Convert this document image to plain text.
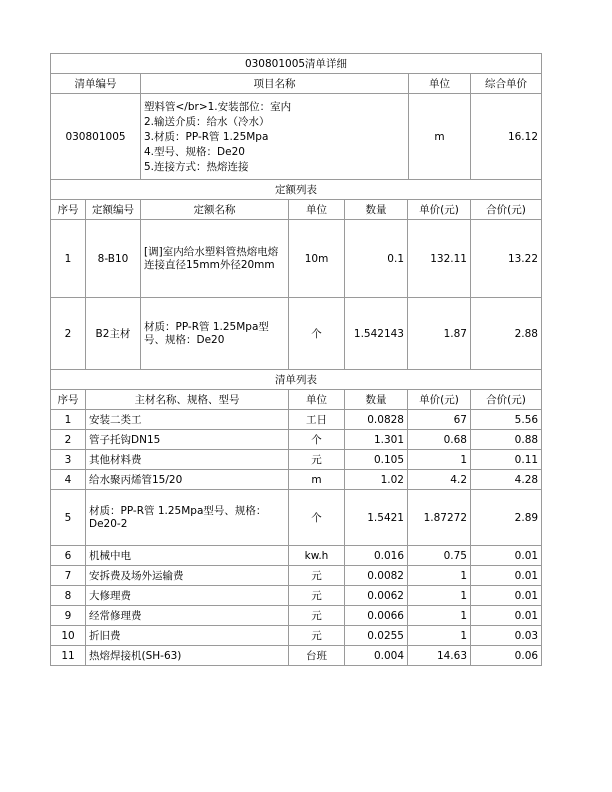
030801005清单详细			
清单编号	项目名称	单位	综合单价
030801005	塑料管</br>1.安装部位：室内
2.输送介质：给水（冷水）
3.材质：PP-R管 1.25Mpa
4.型号、规格：De20
5.连接方式：热熔连接	m	16.12
定额列表						
序号	定额编号	定额名称	单位	数量	单价(元)	合价(元)
1	8-B10	[调]室内给水塑料管热熔电熔连接直径15mm外径20mm	10m	0.1	132.11	13.22
2	B2主材	材质：PP-R管 1.25Mpa型号、规格：De20	个	1.542143	1.87	2.88
清单列表					
序号	主材名称、规格、型号	单位	数量	单价(元)	合价(元)
1	安装二类工	工日	0.0828	67	5.56
2	管子托钩DN15	个	1.301	0.68	0.88
3	其他材料费	元	0.105	1	0.11
4	给水聚丙烯管15/20	m	1.02	4.2	4.28
5	材质：PP-R管 1.25Mpa型号、规格：De20-2	个	1.5421	1.87272	2.89
6	机械中电	kw.h	0.016	0.75	0.01
7	安拆费及场外运输费	元	0.0082	1	0.01
8	大修理费	元	0.0062	1	0.01
9	经常修理费	元	0.0066	1	0.01
10	折旧费	元	0.0255	1	0.03
11	热熔焊接机(SH-63)	台班	0.004	14.63	0.06
